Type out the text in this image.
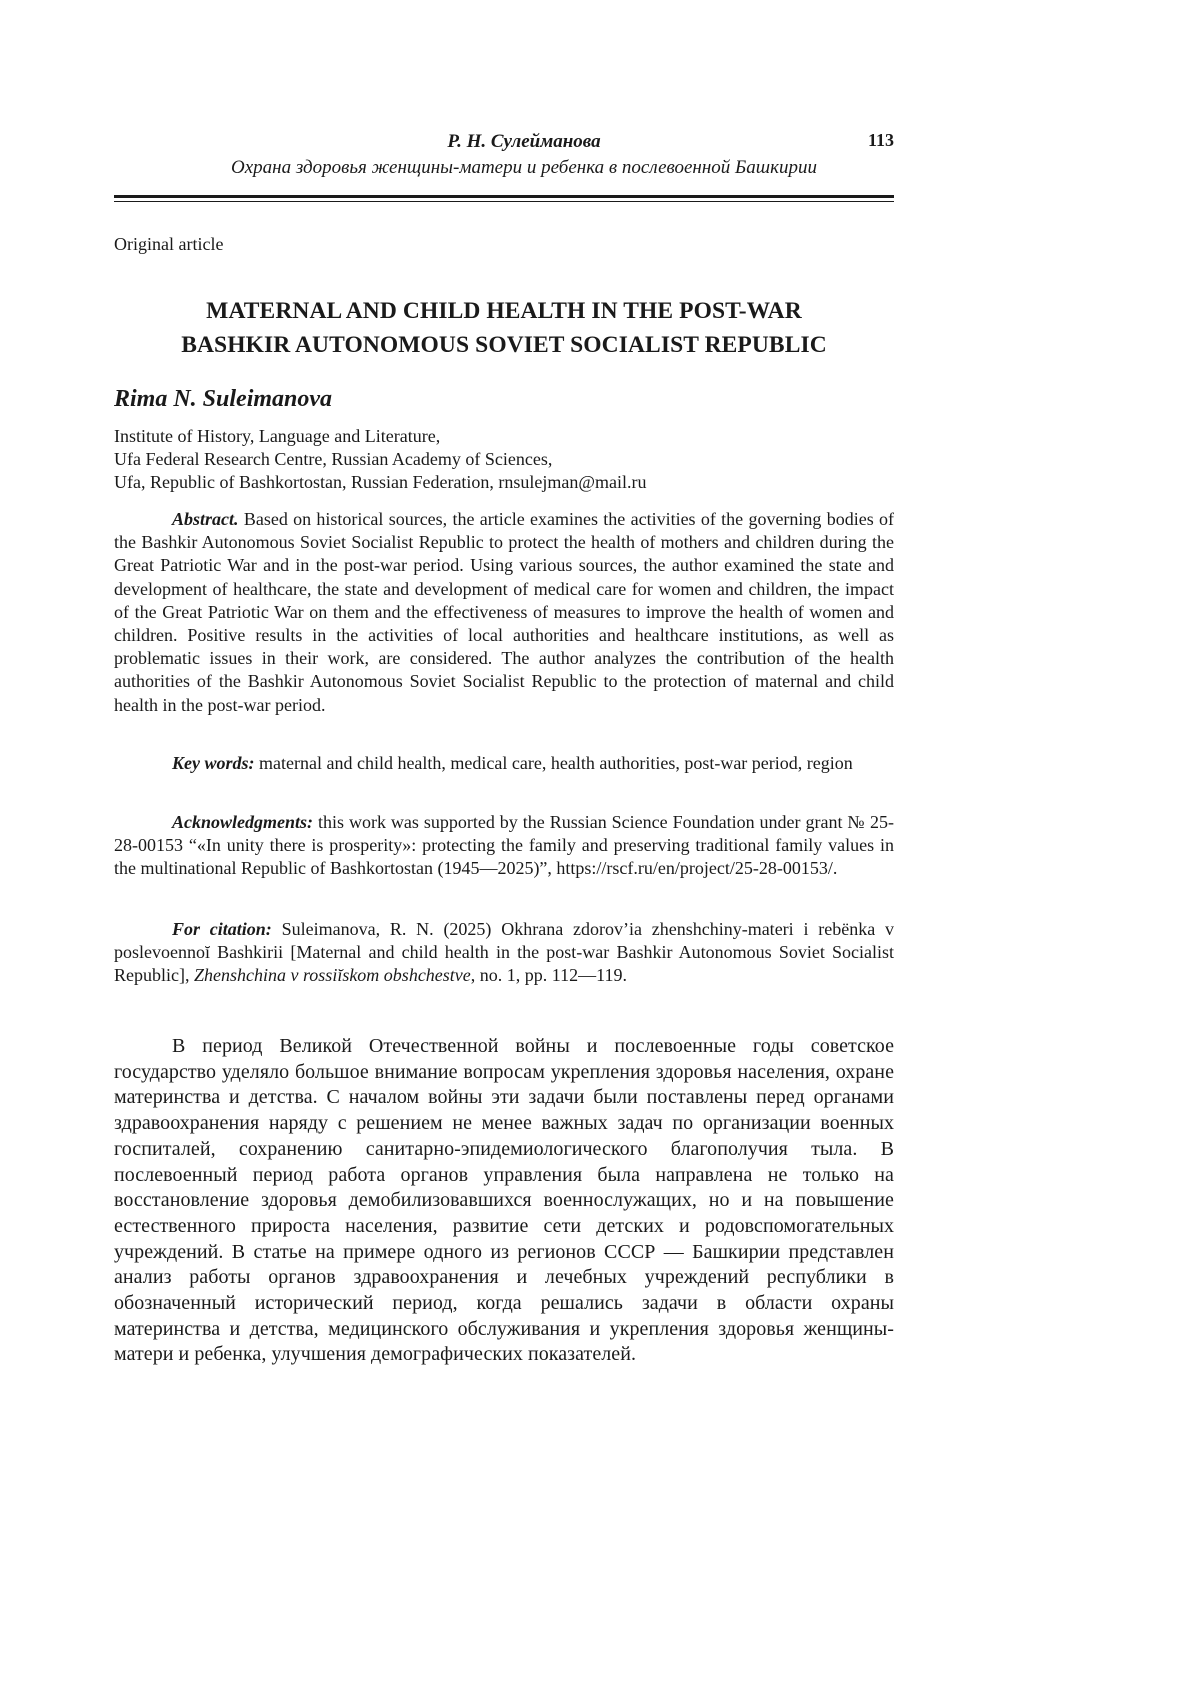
Р. Н. Сулейманова
Охрана здоровья женщины-матери и ребенка в послевоенной Башкирии
113
Original article
MATERNAL AND CHILD HEALTH IN THE POST-WAR
BASHKIR AUTONOMOUS SOVIET SOCIALIST REPUBLIC
Rima N. Suleimanova
Institute of History, Language and Literature,
Ufa Federal Research Centre, Russian Academy of Sciences,
Ufa, Republic of Bashkortostan, Russian Federation, rnsulejman@mail.ru
Abstract. Based on historical sources, the article examines the activities of the governing bodies of the Bashkir Autonomous Soviet Socialist Republic to protect the health of mothers and children during the Great Patriotic War and in the post-war period. Using various sources, the author examined the state and development of healthcare, the state and development of medical care for women and children, the impact of the Great Patriotic War on them and the effectiveness of measures to improve the health of women and children. Positive results in the activities of local authorities and healthcare institutions, as well as problematic issues in their work, are considered. The author analyzes the contribution of the health authorities of the Bashkir Autonomous Soviet Socialist Republic to the protection of maternal and child health in the post-war period.
Key words: maternal and child health, medical care, health authorities, post-war period, region
Acknowledgments: this work was supported by the Russian Science Foundation under grant № 25-28-00153 “«In unity there is prosperity»: protecting the family and preserving traditional family values in the multinational Republic of Bashkortostan (1945—2025)”, https://rscf.ru/en/project/25-28-00153/.
For citation: Suleimanova, R. N. (2025) Okhrana zdorov’ia zhenshchiny-materi i rebёnka v poslevoennoĭ Bashkirii [Maternal and child health in the post-war Bashkir Autonomous Soviet Socialist Republic], Zhenshchina v rossiĭskom obshchestve, no. 1, pp. 112—119.
В период Великой Отечественной войны и послевоенные годы советское государство уделяло большое внимание вопросам укрепления здоровья населения, охране материнства и детства. С началом войны эти задачи были поставлены перед органами здравоохранения наряду с решением не менее важных задач по организации военных госпиталей, сохранению санитарно-эпидемиологического благополучия тыла. В послевоенный период работа органов управления была направлена не только на восстановление здоровья демобилизовавшихся военнослужащих, но и на повышение естественного прироста населения, развитие сети детских и родовспомогательных учреждений. В статье на примере одного из регионов СССР — Башкирии представлен анализ работы органов здравоохранения и лечебных учреждений республики в обозначенный исторический период, когда решались задачи в области охраны материнства и детства, медицинского обслуживания и укрепления здоровья женщины-матери и ребенка, улучшения демографических показателей.
